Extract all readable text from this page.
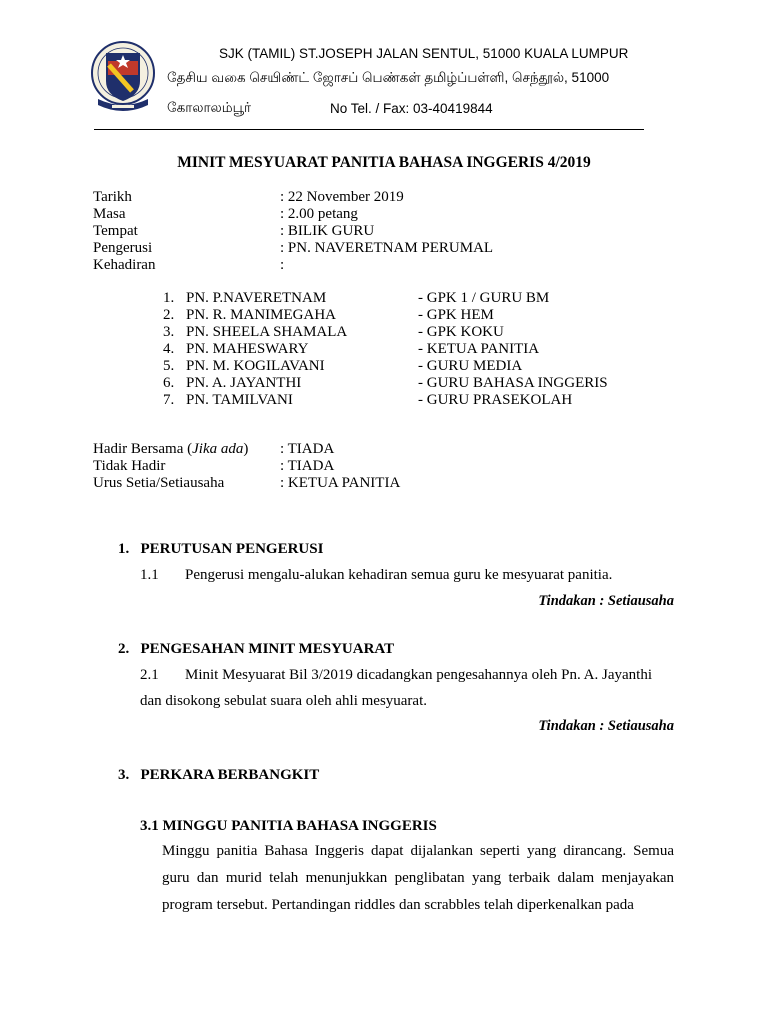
SJK (TAMIL) ST.JOSEPH JALAN SENTUL, 51000 KUALA LUMPUR
தேசிய வகை செயிண்ட் ஜோசப் பெண்கள் தமிழ்ப்பள்ளி, செந்தூல், 51000
கோலாலம்பூர்	No Tel. / Fax: 03-40419844
MINIT MESYUARAT PANITIA BAHASA INGGERIS 4/2019
Tarikh	: 22 November 2019
Masa	: 2.00 petang
Tempat	: BILIK GURU
Pengerusi	: PN. NAVERETNAM PERUMAL
Kehadiran	:
1. PN. P.NAVERETNAM	- GPK 1 / GURU BM
2. PN. R. MANIMEGAHA	- GPK HEM
3. PN. SHEELA SHAMALA	- GPK KOKU
4. PN. MAHESWARY	- KETUA PANITIA
5. PN. M. KOGILAVANI	- GURU MEDIA
6. PN. A. JAYANTHI	- GURU BAHASA INGGERIS
7. PN. TAMILVANI	- GURU PRASEKOLAH
Hadir Bersama (Jika ada) : TIADA
Tidak Hadir	: TIADA
Urus Setia/Setiausaha	: KETUA PANITIA
1.   PERUTUSAN PENGERUSI
1.1 Pengerusi mengalu-alukan kehadiran semua guru ke mesyuarat panitia.
Tindakan : Setiausaha
2.   PENGESAHAN MINIT MESYUARAT
2.1 Minit Mesyuarat Bil 3/2019 dicadangkan pengesahannya oleh Pn. A. Jayanthi
dan disokong sebulat suara oleh ahli mesyuarat.
Tindakan : Setiausaha
3.   PERKARA BERBANGKIT
3.1 MINGGU PANITIA BAHASA INGGERIS
Minggu panitia Bahasa Inggeris dapat dijalankan seperti yang dirancang. Semua guru dan murid telah menunjukkan penglibatan yang terbaik dalam menjayakan program tersebut. Pertandingan riddles dan scrabbles telah diperkenalkan pada
